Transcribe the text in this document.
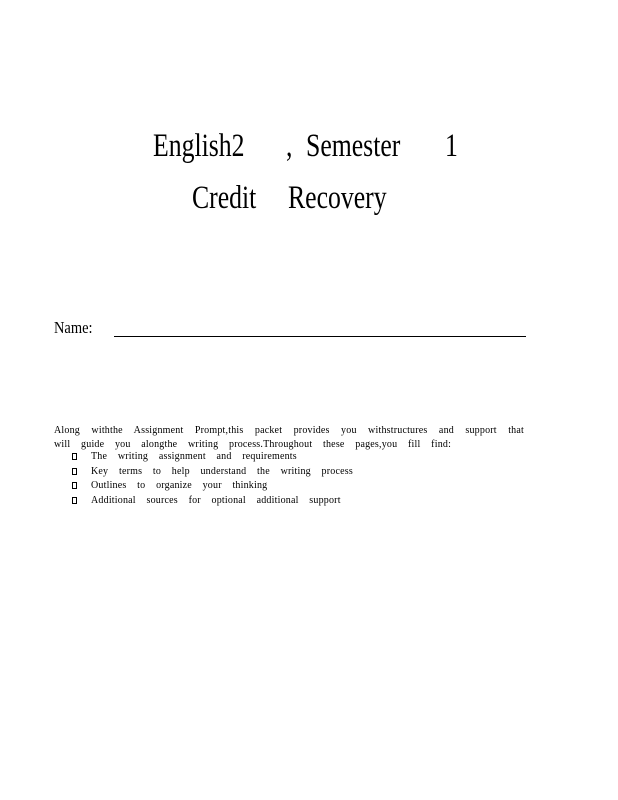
English2 , Semester 1
Credit Recovery
Name:

Along withthe Assignment Prompt,this packet provides you withstructures and support that will guide you alongthe writing process.Throughout these pages,you fill find:

The writing assignment and requirements
Key terms to help understand the writing process
Outlines to organize your thinking
Additional sources for optional additional support
